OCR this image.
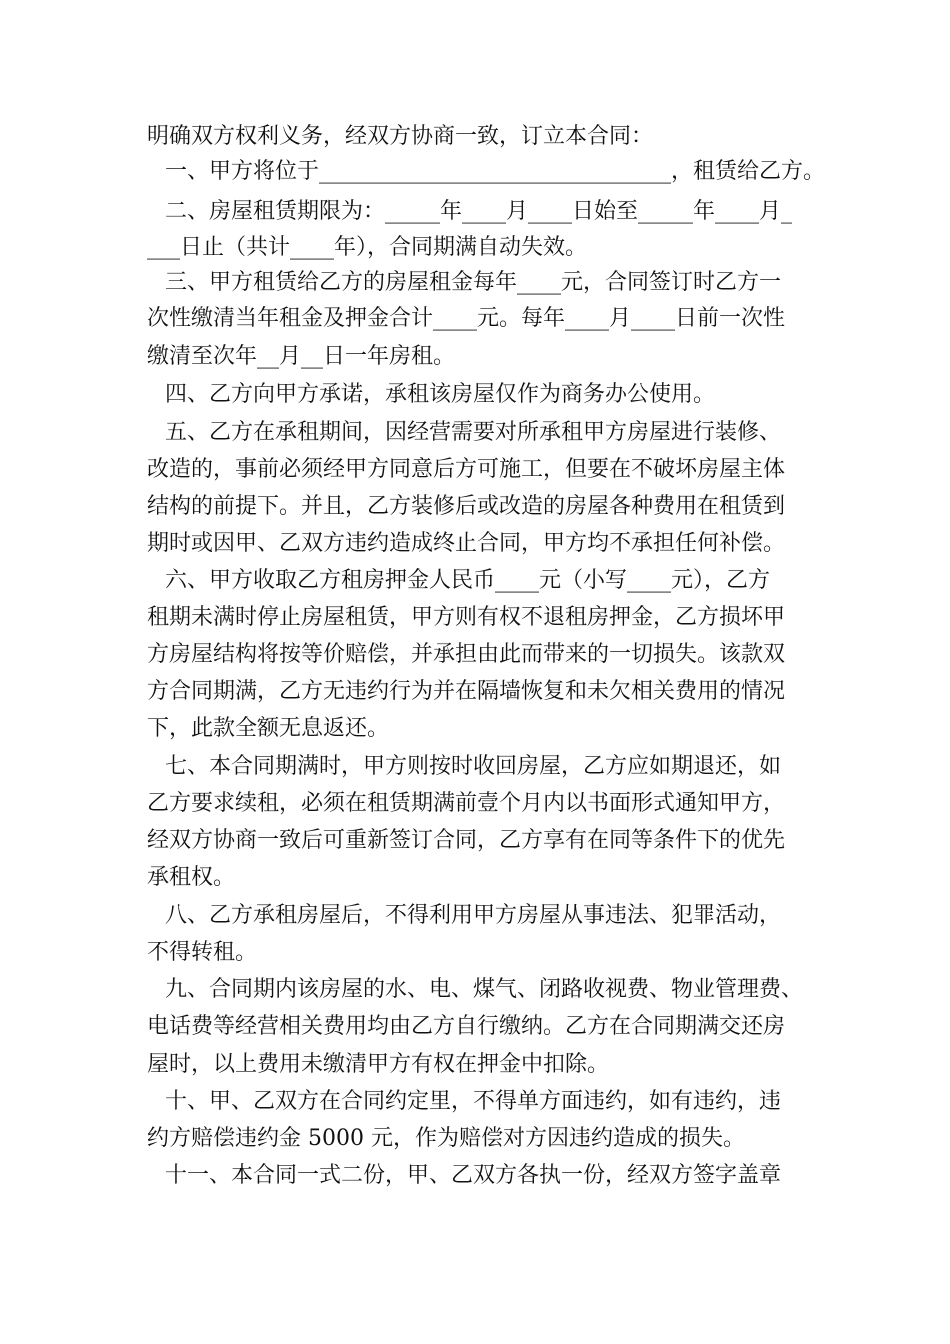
明确双方权利义务，经双方协商一致，订立本合同：
一、甲方将位于________________________________，租赁给乙方。
二、房屋租赁期限为：_____年____月____日始至_____年____月_
___日止（共计____年），合同期满自动失效。
三、甲方租赁给乙方的房屋租金每年____元，合同签订时乙方一
次性缴清当年租金及押金合计____元。每年____月____日前一次性
缴清至次年__月__日一年房租。
四、乙方向甲方承诺，承租该房屋仅作为商务办公使用。
五、乙方在承租期间，因经营需要对所承租甲方房屋进行装修、
改造的，事前必须经甲方同意后方可施工，但要在不破坏房屋主体
结构的前提下。并且，乙方装修后或改造的房屋各种费用在租赁到
期时或因甲、乙双方违约造成终止合同，甲方均不承担任何补偿。
六、甲方收取乙方租房押金人民币____元（小写____元），乙方
租期未满时停止房屋租赁，甲方则有权不退租房押金，乙方损坏甲
方房屋结构将按等价赔偿，并承担由此而带来的一切损失。该款双
方合同期满，乙方无违约行为并在隔墙恢复和未欠相关费用的情况
下，此款全额无息返还。
七、本合同期满时，甲方则按时收回房屋，乙方应如期退还，如
乙方要求续租，必须在租赁期满前壹个月内以书面形式通知甲方，
经双方协商一致后可重新签订合同，乙方享有在同等条件下的优先
承租权。
八、乙方承租房屋后，不得利用甲方房屋从事违法、犯罪活动，
不得转租。
九、合同期内该房屋的水、电、煤气、闭路收视费、物业管理费、
电话费等经营相关费用均由乙方自行缴纳。乙方在合同期满交还房
屋时，以上费用未缴清甲方有权在押金中扣除。
十、甲、乙双方在合同约定里，不得单方面违约，如有违约，违
约方赔偿违约金 5000 元，作为赔偿对方因违约造成的损失。
十一、本合同一式二份，甲、乙双方各执一份，经双方签字盖章
